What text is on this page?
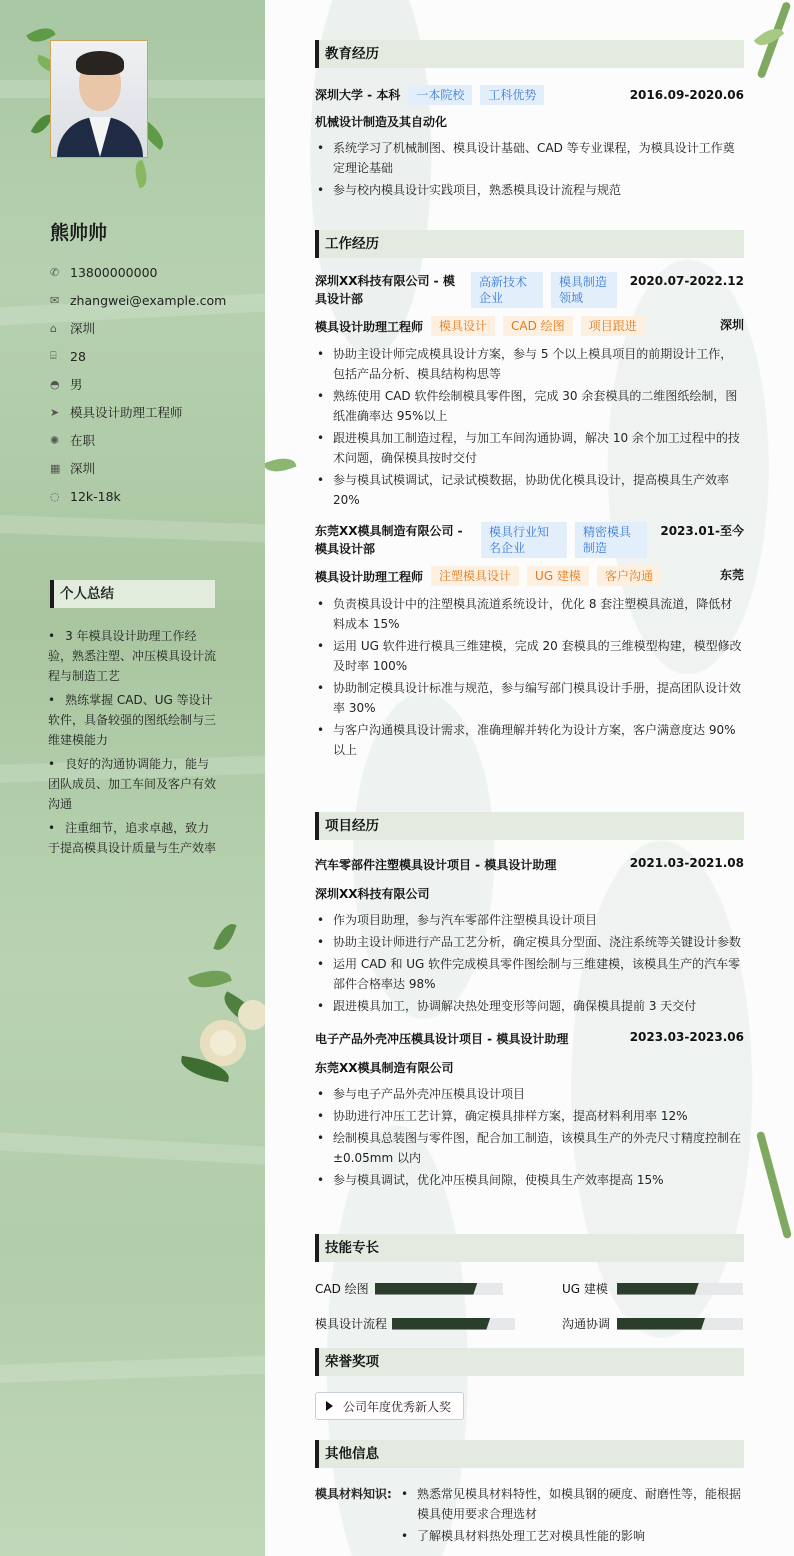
熊帅帅
✆ 13800000000
✉ zhangwei@example.com
⌂	深圳
⌸	28
◓ 男
➤ 模具设计助理工程师
✺ 在职
▦ 深圳
◌ 12k-18k
个人总结
• 3 年模具设计助理工作经验，熟悉注塑、冲压模具设计流程与制造工艺
• 熟练掌握 CAD、UG 等设计软件，具备较强的图纸绘制与三维建模能力
• 良好的沟通协调能力，能与团队成员、加工车间及客户有效沟通
• 注重细节，追求卓越，致力于提高模具设计质量与生产效率
教育经历
深圳大学 - 本科	一本院校	工科优势	2016.09-2020.06
机械设计制造及其自动化
• 系统学习了机械制图、模具设计基础、CAD 等专业课程，为模具设计工作奠定理论基础
• 参与校内模具设计实践项目，熟悉模具设计流程与规范
工作经历
深圳XX科技有限公司 - 模具设计部
高新技术企业
模具制造领域
2020.07-2022.12
模具设计助理工程师	模具设计	CAD 绘图	项目跟进	深圳
• 协助主设计师完成模具设计方案，参与 5 个以上模具项目的前期设计工作，包括产品分析、模具结构构思等
• 熟练使用 CAD 软件绘制模具零件图，完成 30 余套模具的二维图纸绘制，图纸准确率达 95%以上
• 跟进模具加工制造过程，与加工车间沟通协调，解决 10 余个加工过程中的技术问题，确保模具按时交付
• 参与模具试模调试，记录试模数据，协助优化模具设计，提高模具生产效率 20%
东莞XX模具制造有限公司 - 模具设计部
模具行业知名企业
精密模具制造
2023.01-至今
模具设计助理工程师	注塑模具设计	UG 建模	客户沟通	东莞
• 负责模具设计中的注塑模具流道系统设计，优化 8 套注塑模具流道，降低材料成本 15%
• 运用 UG 软件进行模具三维建模，完成 20 套模具的三维模型构建，模型修改及时率 100%
• 协助制定模具设计标准与规范，参与编写部门模具设计手册，提高团队设计效率 30%
• 与客户沟通模具设计需求，准确理解并转化为设计方案，客户满意度达 90%以上
项目经历
汽车零部件注塑模具设计项目 - 模具设计助理	2021.03-2021.08
深圳XX科技有限公司
• 作为项目助理，参与汽车零部件注塑模具设计项目
• 协助主设计师进行产品工艺分析，确定模具分型面、浇注系统等关键设计参数
• 运用 CAD 和 UG 软件完成模具零件图绘制与三维建模，该模具生产的汽车零部件合格率达 98%
• 跟进模具加工，协调解决热处理变形等问题，确保模具提前 3 天交付
电子产品外壳冲压模具设计项目 - 模具设计助理	2023.03-2023.06
东莞XX模具制造有限公司
• 参与电子产品外壳冲压模具设计项目
• 协助进行冲压工艺计算，确定模具排样方案，提高材料利用率 12%
• 绘制模具总装图与零件图，配合加工制造，该模具生产的外壳尺寸精度控制在±0.05mm 以内
• 参与模具调试，优化冲压模具间隙，使模具生产效率提高 15%
技能专长
CAD 绘图	UG 建模
模具设计流程	沟通协调
荣誉奖项
公司年度优秀新人奖
其他信息
模具材料知识:
•	熟悉常见模具材料特性，如模具钢的硬度、耐磨性等，能根据模具使用要求合理选材
• 了解模具材料热处理工艺对模具性能的影响
